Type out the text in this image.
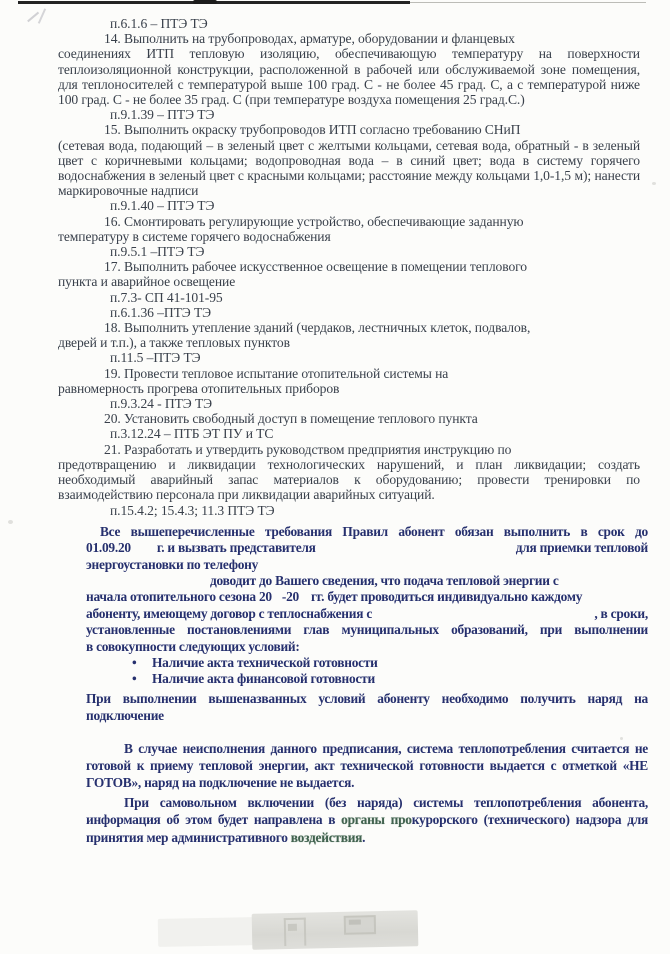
п.6.1.6 – ПТЭ ТЭ
14. Выполнить на трубопроводах, арматуре, оборудовании и фланцевых
соединениях ИТП тепловую изоляцию, обеспечивающую температуру на поверхности теплоизоляционной конструкции, расположенной в рабочей или обслуживаемой зоне помещения, для теплоносителей с температурой выше 100 град. С - не более 45 град. С, а с температурой ниже 100 град. С - не более 35 град. С (при температуре воздуха помещения 25 град.С.)
п.9.1.39 – ПТЭ ТЭ
15. Выполнить окраску трубопроводов ИТП согласно требованию СНиП
(сетевая вода, подающий – в зеленый цвет с желтыми кольцами, сетевая вода, обратный - в зеленый цвет с коричневыми кольцами; водопроводная вода – в синий цвет; вода в систему горячего водоснабжения в зеленый цвет с красными кольцами; расстояние между кольцами 1,0-1,5 м); нанести маркировочные надписи
п.9.1.40 – ПТЭ ТЭ
16. Смонтировать регулирующие устройство, обеспечивающие заданную
температуру в системе горячего водоснабжения
п.9.5.1 –ПТЭ ТЭ
17. Выполнить рабочее искусственное освещение в помещении теплового
пункта и аварийное освещение
п.7.3- СП 41-101-95
п.6.1.36 –ПТЭ ТЭ
18. Выполнить утепление зданий (чердаков, лестничных клеток, подвалов,
дверей и т.п.), а также тепловых пунктов
п.11.5 –ПТЭ ТЭ
19. Провести тепловое испытание отопительной системы на
равномерность прогрева отопительных приборов
п.9.3.24 - ПТЭ ТЭ
20. Установить свободный доступ в помещение теплового пункта
п.3.12.24 – ПТБ ЭТ ПУ и ТС
21. Разработать и утвердить руководством предприятия инструкцию по
предотвращению и ликвидации технологических нарушений, и план ликвидации; создать необходимый аварийный запас материалов к оборудованию; провести тренировки по взаимодействию персонала при ликвидации аварийных ситуаций.
п.15.4.2; 15.4.3; 11.3 ПТЭ ТЭ
Все вышеперечисленные требования Правил абонент обязан выполнить в срок до
01.09.20 г. и вызвать представителя	для приемки тепловой
энергоустановки по телефону
доводит до Вашего сведения, что подача тепловой энергии с
начала отопительного сезона 20 -20 гг. будет проводиться индивидуально каждому
абоненту, имеющему договор с теплоснабжения с	, в сроки,
установленные постановлениями глав муниципальных образований, при выполнении
в совокупности следующих условий:
•	Наличие акта технической готовности
•	Наличие акта финансовой готовности
При выполнении вышеназванных условий абоненту необходимо получить наряд на подключение
В случае неисполнения данного предписания, система теплопотребления считается не готовой к приему тепловой энергии, акт технической готовности выдается с отметкой «НЕ ГОТОВ», наряд на подключение не выдается.
При самовольном включении (без наряда) системы теплопотребления абонента, информация об этом будет направлена в органы прокурорского (технического) надзора для принятия мер административного воздействия.
